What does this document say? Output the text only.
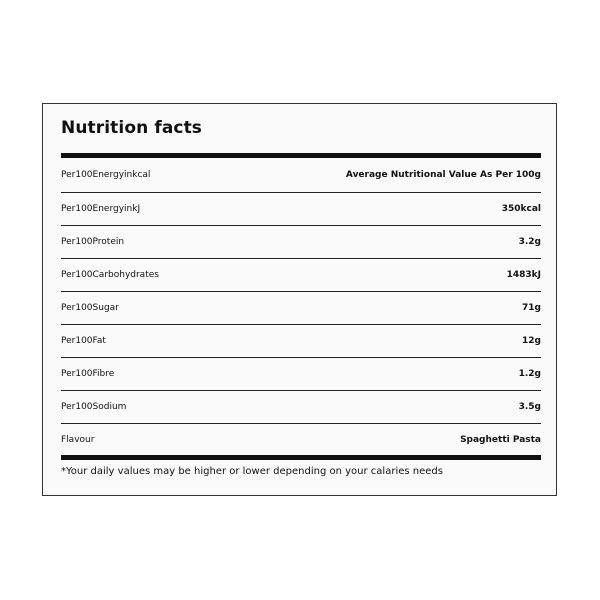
Nutrition facts
Per100Energyinkcal	Average Nutritional Value As Per 100g
Per100EnergyinkJ	350kcal
Per100Protein	3.2g
Per100Carbohydrates	1483kJ
Per100Sugar	71g
Per100Fat	12g
Per100Fibre	1.2g
Per100Sodium	3.5g
Flavour	Spaghetti Pasta
*Your daily values may be higher or lower depending on your calaries needs
